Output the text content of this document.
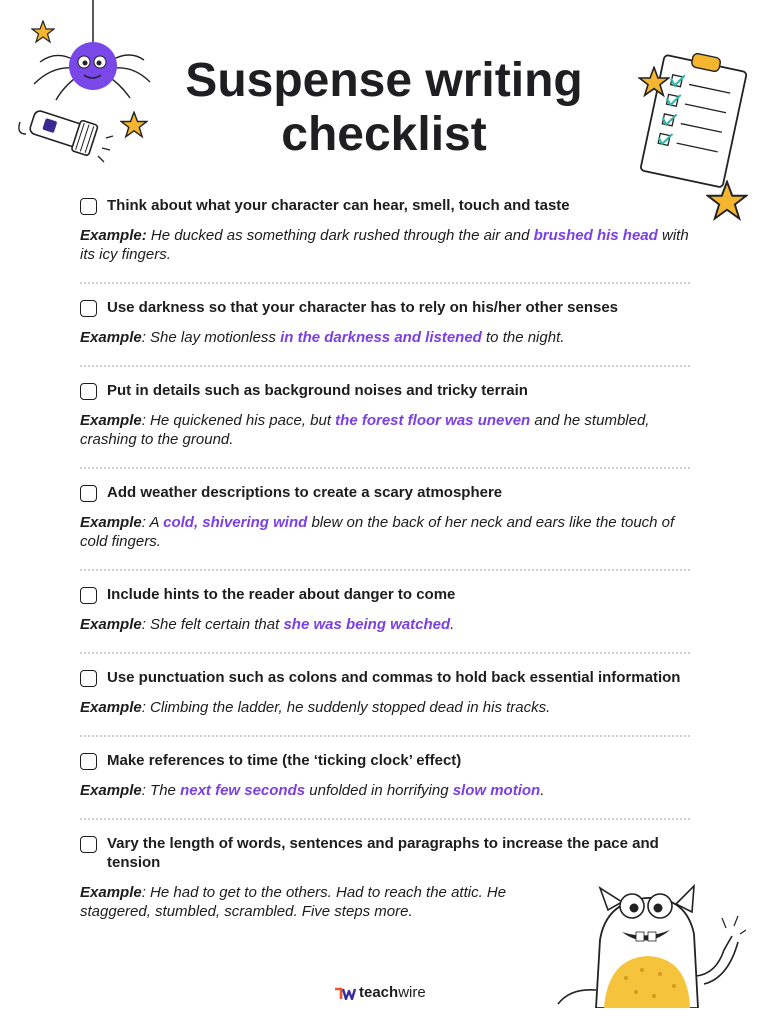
Suspense writing
checklist
Think about what your character can hear, smell, touch and taste
Example: He ducked as something dark rushed through the air and brushed his head with its icy fingers.
Use darkness so that your character has to rely on his/her other senses
Example: She lay motionless in the darkness and listened to the night.
Put in details such as background noises and tricky terrain
Example: He quickened his pace, but the forest floor was uneven and he stumbled, crashing to the ground.
Add weather descriptions to create a scary atmosphere
Example: A cold, shivering wind blew on the back of her neck and ears like the touch of cold fingers.
Include hints to the reader about danger to come
Example: She felt certain that she was being watched.
Use punctuation such as colons and commas to hold back essential information
Example: Climbing the ladder, he suddenly stopped dead in his tracks.
Make references to time (the ‘ticking clock’ effect)
Example: The next few seconds unfolded in horrifying slow motion.
Vary the length of words, sentences and paragraphs to increase the pace and tension
Example: He had to get to the others. Had to reach the attic. He staggered, stumbled, scrambled. Five steps more.
teach wire
